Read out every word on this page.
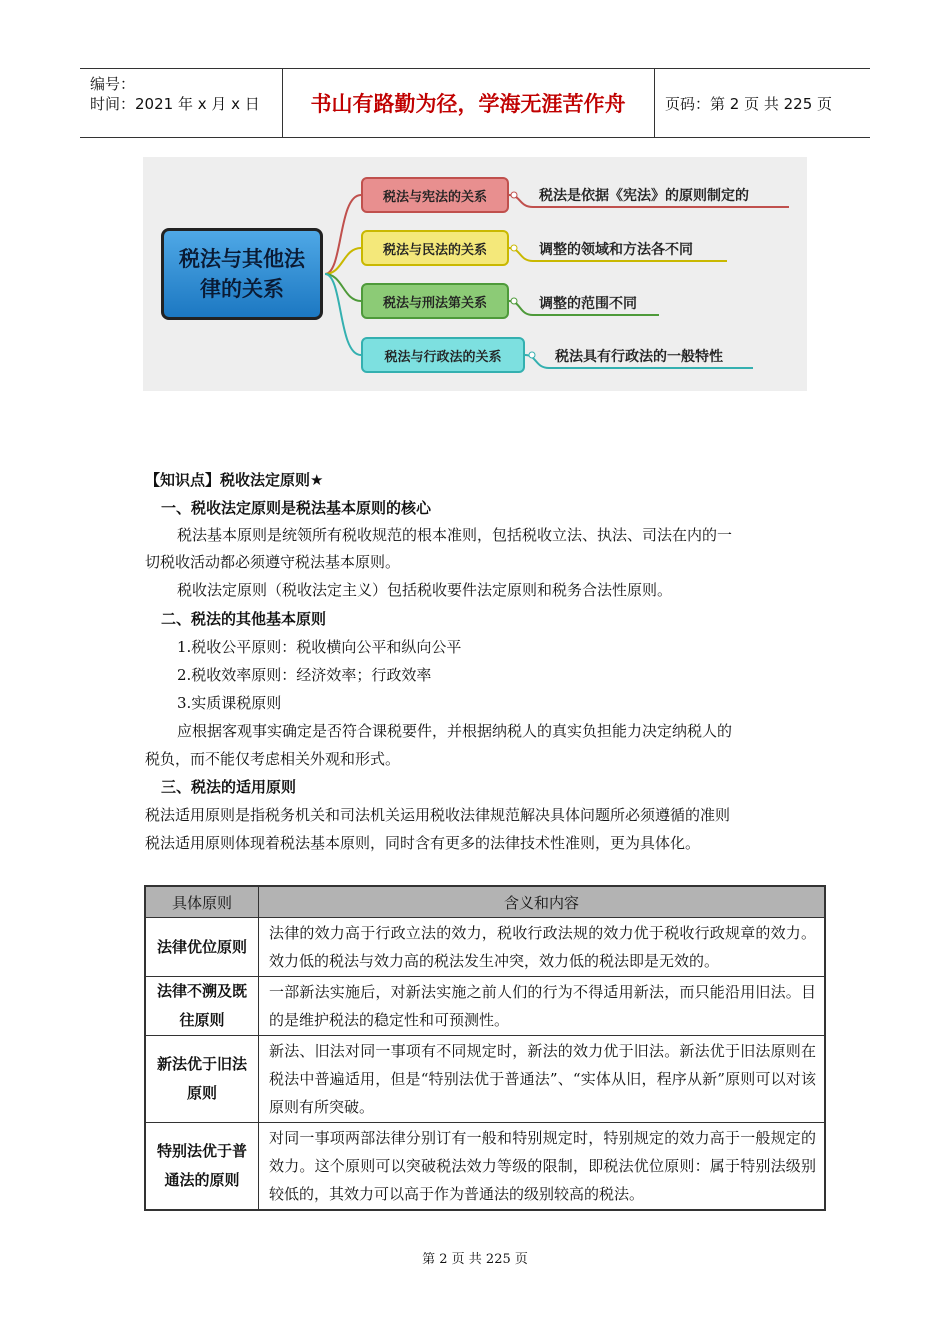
编号：
时间：2021 年 x 月 x 日	书山有路勤为径，学海无涯苦作舟	页码：第 2 页 共 225 页
税法与其他法律的关系
税法与宪法的关系
税法与民法的关系
税法与刑法第关系
税法与行政法的关系
税法是依据《宪法》的原则制定的
调整的领域和方法各不同
调整的范围不同
税法具有行政法的一般特性
【知识点】税收法定原则★
一、税收法定原则是税法基本原则的核心
税法基本原则是统领所有税收规范的根本准则，包括税收立法、执法、司法在内的一
切税收活动都必须遵守税法基本原则。
税收法定原则（税收法定主义）包括税收要件法定原则和税务合法性原则。
二、税法的其他基本原则
1.税收公平原则：税收横向公平和纵向公平
2.税收效率原则：经济效率；行政效率
3.实质课税原则
应根据客观事实确定是否符合课税要件，并根据纳税人的真实负担能力决定纳税人的
税负，而不能仅考虑相关外观和形式。
三、税法的适用原则
税法适用原则是指税务机关和司法机关运用税收法律规范解决具体问题所必须遵循的准则
税法适用原则体现着税法基本原则，同时含有更多的法律技术性准则，更为具体化。
具体原则	含义和内容
法律优位原则	法律的效力高于行政立法的效力，税收行政法规的效力优于税收行政规章的效力。效力低的税法与效力高的税法发生冲突，效力低的税法即是无效的。
法律不溯及既往原则	一部新法实施后，对新法实施之前人们的行为不得适用新法，而只能沿用旧法。目的是维护税法的稳定性和可预测性。
新法优于旧法原则	新法、旧法对同一事项有不同规定时，新法的效力优于旧法。新法优于旧法原则在税法中普遍适用，但是“特别法优于普通法”、“实体从旧，程序从新”原则可以对该原则有所突破。
特别法优于普通法的原则	对同一事项两部法律分别订有一般和特别规定时，特别规定的效力高于一般规定的效力。这个原则可以突破税法效力等级的限制，即税法优位原则：属于特别法级别较低的，其效力可以高于作为普通法的级别较高的税法。
第 2 页 共 225 页
